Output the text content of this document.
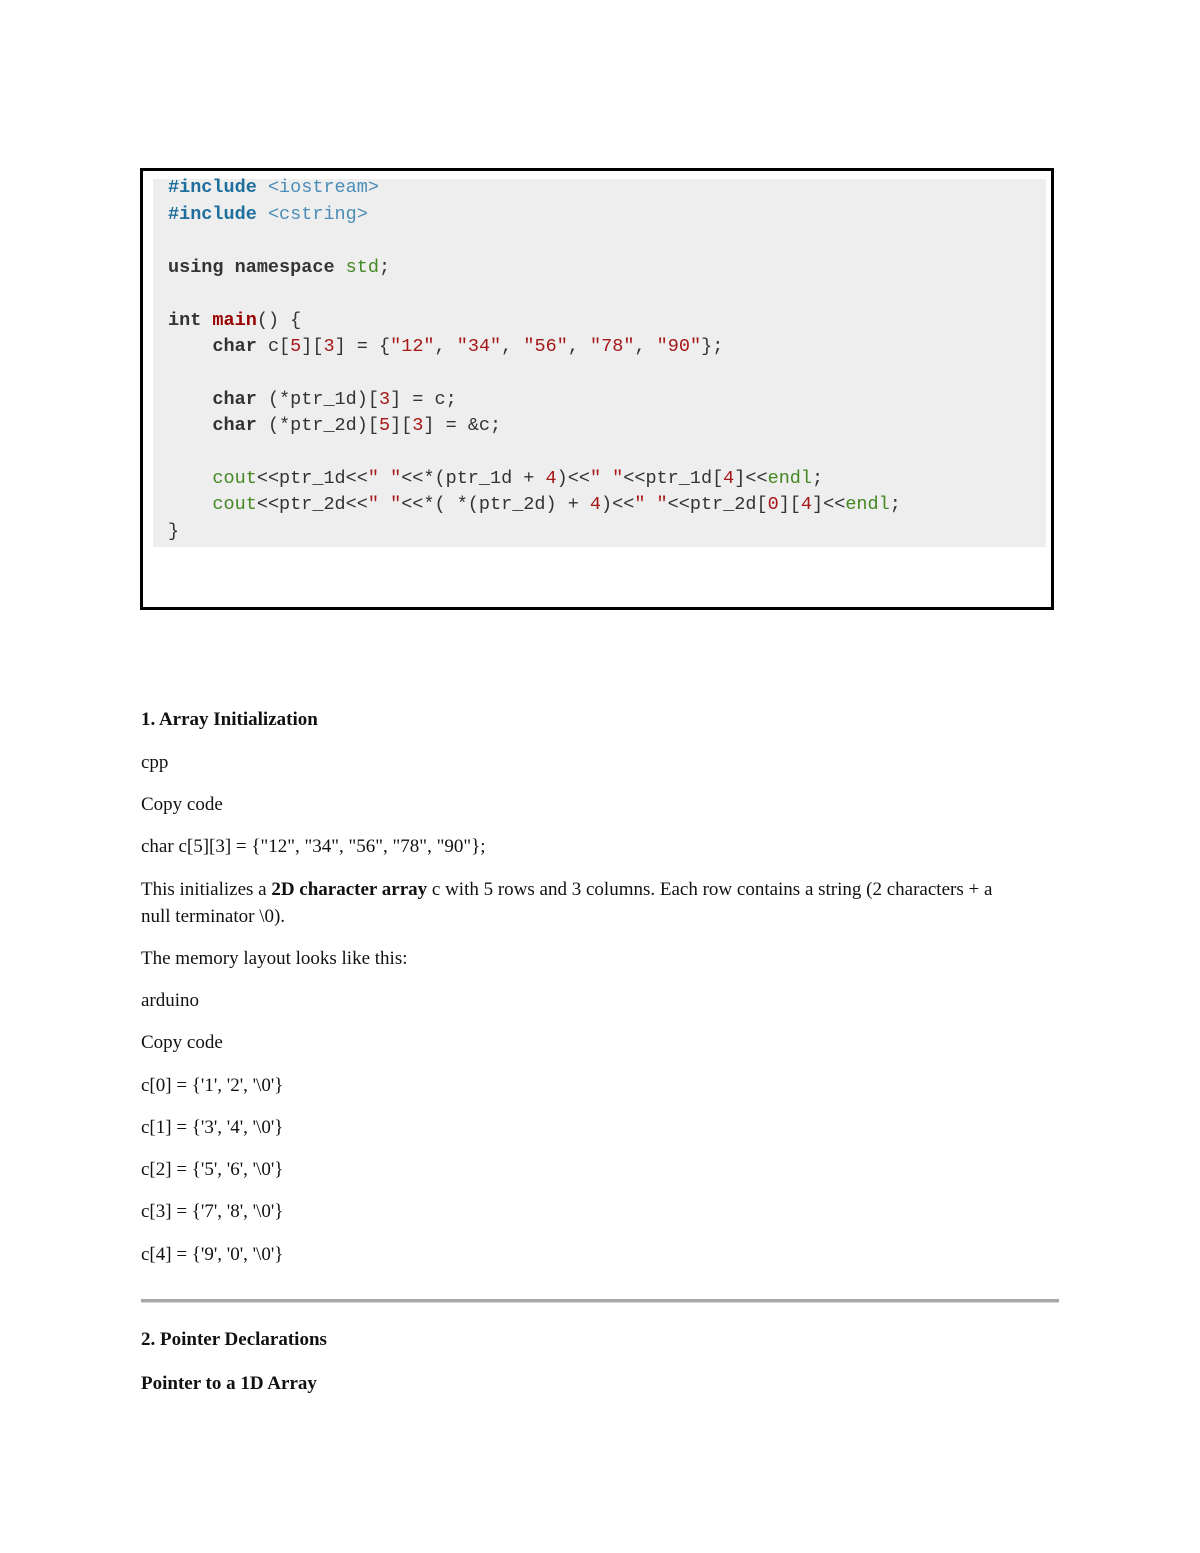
#include <iostream>
#include <cstring>
using namespace std;
int main() {
char c[5][3] = {"12", "34", "56", "78", "90"};
char (*ptr_1d)[3] = c;
char (*ptr_2d)[5][3] = &c;
cout<<ptr_1d<<" "<<*(ptr_1d + 4)<<" "<<ptr_1d[4]<<endl;
cout<<ptr_2d<<" "<<*( *(ptr_2d) + 4)<<" "<<ptr_2d[0][4]<<endl;
}
1. Array Initialization
cpp
Copy code
char c[5][3] = {"12", "34", "56", "78", "90"};
This initializes a 2D character array c with 5 rows and 3 columns. Each row contains a string (2 characters + a null terminator \0).
The memory layout looks like this:
arduino
Copy code
c[0] = {'1', '2', '\0'}
c[1] = {'3', '4', '\0'}
c[2] = {'5', '6', '\0'}
c[3] = {'7', '8', '\0'}
c[4] = {'9', '0', '\0'}
2. Pointer Declarations
Pointer to a 1D Array
